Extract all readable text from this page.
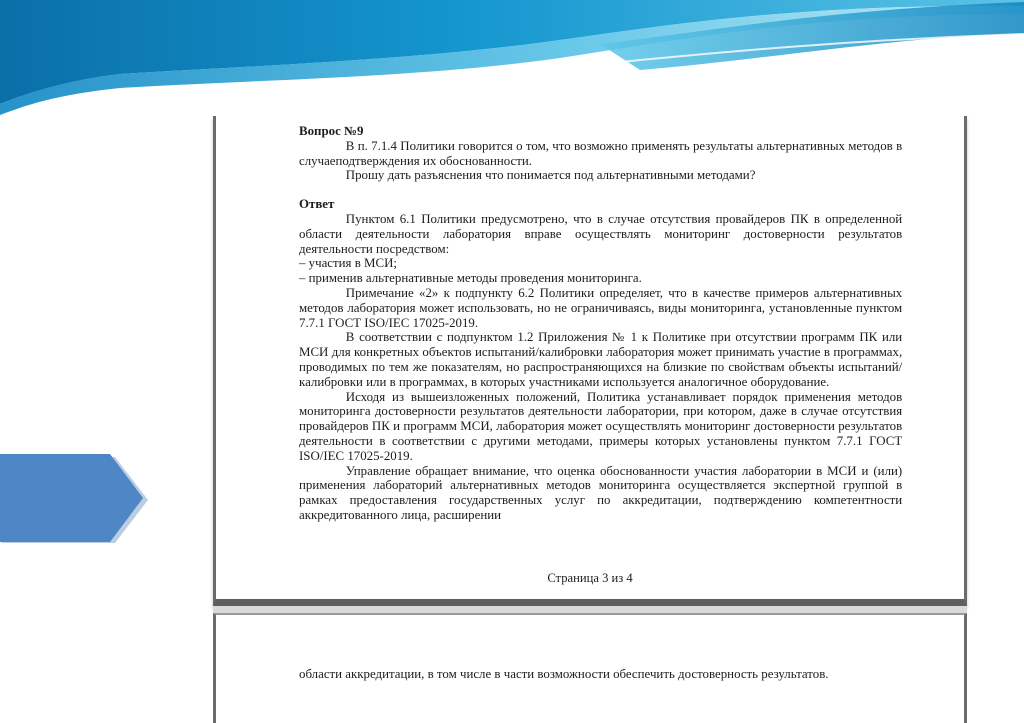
Вопрос №9

В п. 7.1.4 Политики говорится о том, что возможно применять результаты альтернативных методов в случаеподтверждения их обоснованности.

Прошу дать разъяснения что понимается под альтернативными методами?

Ответ

Пунктом 6.1 Политики предусмотрено, что в случае отсутствия провайдеров ПК в определенной области деятельности лаборатория вправе осуществлять мониторинг достоверности результатов деятельности посредством:

– участия в МСИ;

– применив альтернативные методы проведения мониторинга.

Примечание «2» к подпункту 6.2 Политики определяет, что в качестве примеров альтернативных методов лаборатория может использовать, но не ограничиваясь, виды мониторинга, установленные пунктом 7.7.1 ГОСТ ISO/IEC 17025-2019.

В соответствии с подпунктом 1.2 Приложения № 1 к Политике при отсутствии программ ПК или МСИ для конкретных объектов испытаний/калибровки лаборатория может принимать участие в программах, проводимых по тем же показателям, но распространяющихся на близкие по свойствам объекты испытаний/калибровки или в программах, в которых участниками используется аналогичное оборудование.

Исходя из вышеизложенных положений, Политика устанавливает порядок применения методов мониторинга достоверности результатов деятельности лаборатории, при котором, даже в случае отсутствия провайдеров ПК и программ МСИ, лаборатория может осуществлять мониторинг достоверности результатов деятельности в соответствии с другими методами, примеры которых установлены пунктом 7.7.1 ГОСТ ISO/IEC 17025-2019.

Управление обращает внимание, что оценка обоснованности участия лаборатории в МСИ и (или) применения лабораторий альтернативных методов мониторинга осуществляется экспертной группой в рамках предоставления государственных услуг по аккредитации, подтверждению компетентности аккредитованного лица, расширении

Страница 3 из 4

области аккредитации, в том числе в части возможности обеспечить достоверность результатов.
